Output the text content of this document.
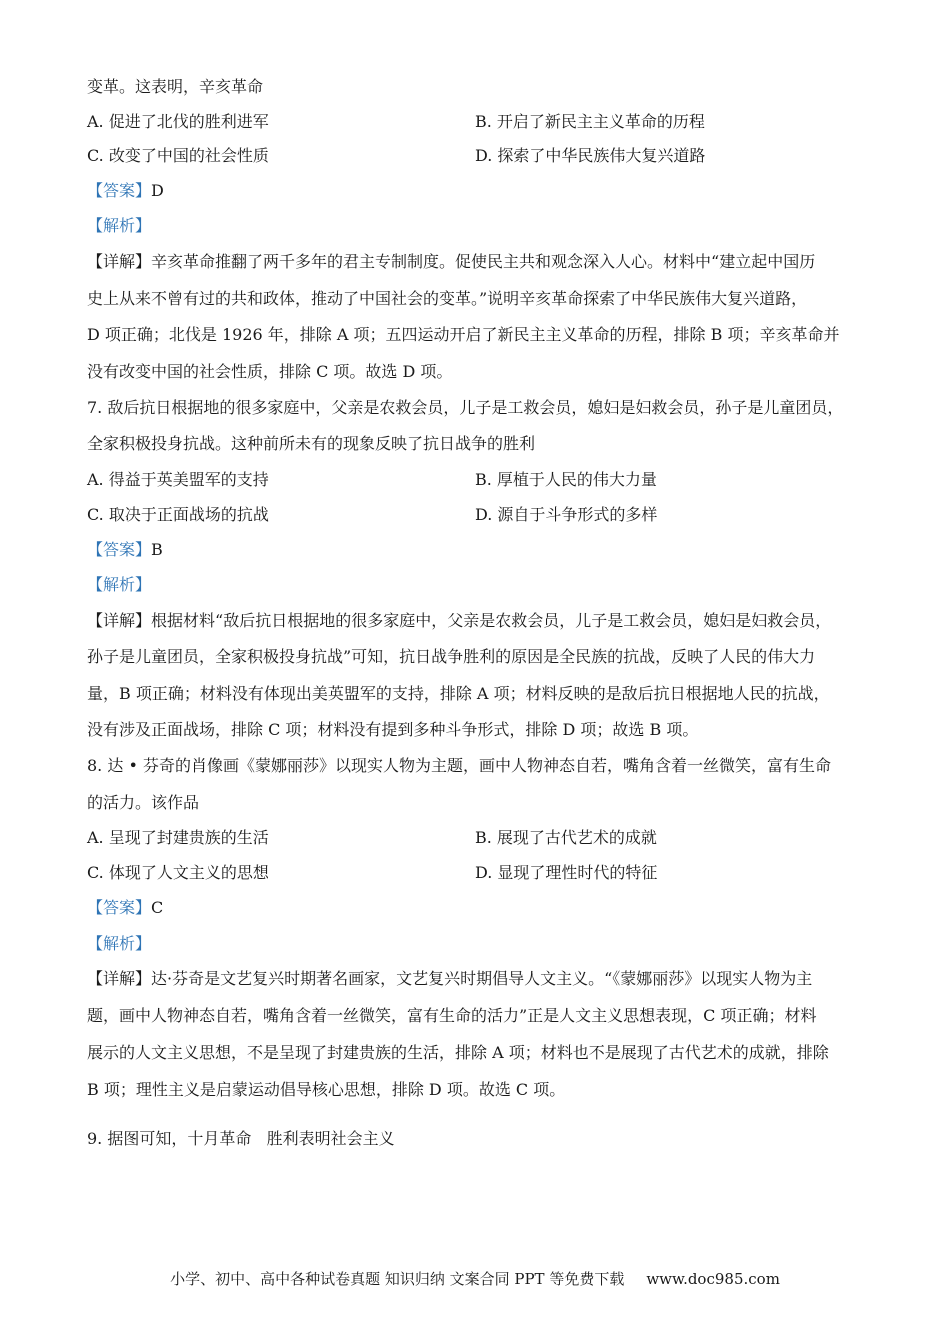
变革。这表明，辛亥革命
A. 促进了北伐的胜利进军	B. 开启了新民主主义革命的历程
C. 改变了中国的社会性质	D. 探索了中华民族伟大复兴道路
【答案】D
【解析】
【详解】辛亥革命推翻了两千多年的君主专制制度。促使民主共和观念深入人心。材料中“建立起中国历
史上从来不曾有过的共和政体，推动了中国社会的变革。”说明辛亥革命探索了中华民族伟大复兴道路，
D 项正确；北伐是 1926 年，排除 A 项；五四运动开启了新民主主义革命的历程，排除 B 项；辛亥革命并
没有改变中国的社会性质，排除 C 项。故选 D 项。
7. 敌后抗日根据地的很多家庭中，父亲是农救会员，儿子是工救会员，媳妇是妇救会员，孙子是儿童团员，
全家积极投身抗战。这种前所未有的现象反映了抗日战争的胜利
A. 得益于英美盟军的支持	B. 厚植于人民的伟大力量
C. 取决于正面战场的抗战	D. 源自于斗争形式的多样
【答案】B
【解析】
【详解】根据材料“敌后抗日根据地的很多家庭中，父亲是农救会员，儿子是工救会员，媳妇是妇救会员，
孙子是儿童团员，全家积极投身抗战”可知，抗日战争胜利的原因是全民族的抗战，反映了人民的伟大力
量，B 项正确；材料没有体现出美英盟军的支持，排除 A 项；材料反映的是敌后抗日根据地人民的抗战，
没有涉及正面战场，排除 C 项；材料没有提到多种斗争形式，排除 D 项；故选 B 项。
8. 达 • 芬奇的肖像画《蒙娜丽莎》以现实人物为主题，画中人物神态自若，嘴角含着一丝微笑，富有生命
的活力。该作品
A. 呈现了封建贵族的生活	B. 展现了古代艺术的成就
C. 体现了人文主义的思想	D. 显现了理性时代的特征
【答案】C
【解析】
【详解】达·芬奇是文艺复兴时期著名画家，文艺复兴时期倡导人文主义。“《蒙娜丽莎》以现实人物为主
题，画中人物神态自若，嘴角含着一丝微笑，富有生命的活力”正是人文主义思想表现，C 项正确；材料
展示的人文主义思想，不是呈现了封建贵族的生活，排除 A 项；材料也不是展现了古代艺术的成就，排除
B 项；理性主义是启蒙运动倡导核心思想，排除 D 项。故选 C 项。
9. 据图可知，十月革命   胜利表明社会主义
小学、初中、高中各种试卷真题 知识归纳 文案合同 PPT 等免费下载 www.doc985.com
